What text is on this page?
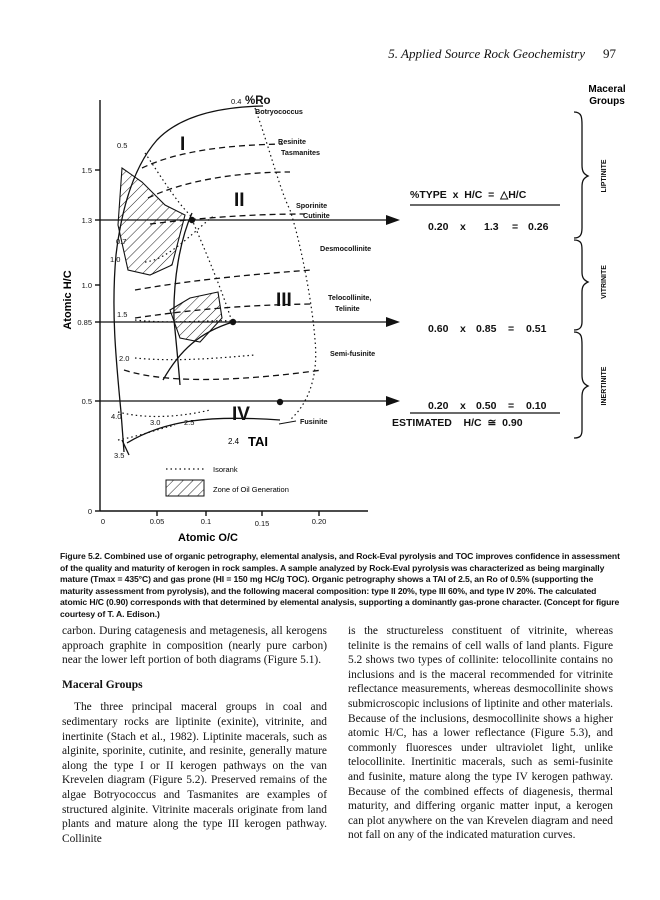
5. Applied Source Rock Geochemistry 97
0
0.5
0.85
1.0
1.3
1.5
0	0.05	0.1	0.15	0.20
Atomic O/C
Atomic H/C
0.4 %Ro
0.5
0.7
1.0
1.5
2.0
2.5
3.0
3.5
4.0
I
II
III
IV
2.4 TAI
Botryococcus
Resinite
Tasmanites
Sporinite
Cutinite
Desmocollinite
Telocollinite,
Telinite
Semi-fusinite
Fusinite
Isorank
Zone of Oil Generation
Maceral
Groups
LIPTINITE
VITRINITE
INERTINITE
%TYPE  x  H/C  =  △H/C
0.20 x 1.3 = 0.26
0.60 x 0.85 = 0.51
0.20 x 0.50 = 0.10
ESTIMATED    H/C  ≅  0.90
Figure 5.2. Combined use of organic petrography, elemental analysis, and Rock-Eval pyrolysis and TOC improves confidence in assessment of the quality and maturity of kerogen in rock samples. A sample analyzed by Rock-Eval pyrolysis was characterized as being marginally mature (Tmax = 435°C) and gas prone (HI = 150 mg HC/g TOC). Organic petrography shows a TAI of 2.5, an Ro of 0.5% (supporting the maturity assessment from pyrolysis), and the following maceral composition: type II 20%, type III 60%, and type IV 20%. The calculated atomic H/C (0.90) corresponds with that determined by elemental analysis, supporting a dominantly gas-prone character. (Concept for figure courtesy of T. A. Edison.)

carbon. During catagenesis and metagenesis, all kerogens approach graphite in composition (nearly pure carbon) near the lower left portion of both diagrams (Figure 5.1).

Maceral Groups

The three principal maceral groups in coal and sedimentary rocks are liptinite (exinite), vitrinite, and inertinite (Stach et al., 1982). Liptinite macerals, such as alginite, sporinite, cutinite, and resinite, generally mature along the type I or II kerogen pathways on the van Krevelen diagram (Figure 5.2). Preserved remains of the algae Botryococcus and Tasmanites are examples of structured alginite. Vitrinite macerals originate from land plants and mature along the type III kerogen pathway. Collinite

is the structureless constituent of vitrinite, whereas telinite is the remains of cell walls of land plants. Figure 5.2 shows two types of collinite: telocollinite contains no inclusions and is the maceral recommended for vitrinite reflectance measurements, whereas desmocollinite shows submicroscopic inclusions of liptinite and other materials. Because of the inclusions, desmocollinite shows a higher atomic H/C, has a lower reflectance (Figure 5.3), and commonly fluoresces under ultraviolet light, unlike telocollinite. Inertinitic macerals, such as semi-fusinite and fusinite, mature along the type IV kerogen pathway. Because of the combined effects of diagenesis, thermal maturity, and differing organic matter input, a kerogen can plot anywhere on the van Krevelen diagram and need not fall on any of the indicated maturation curves.
